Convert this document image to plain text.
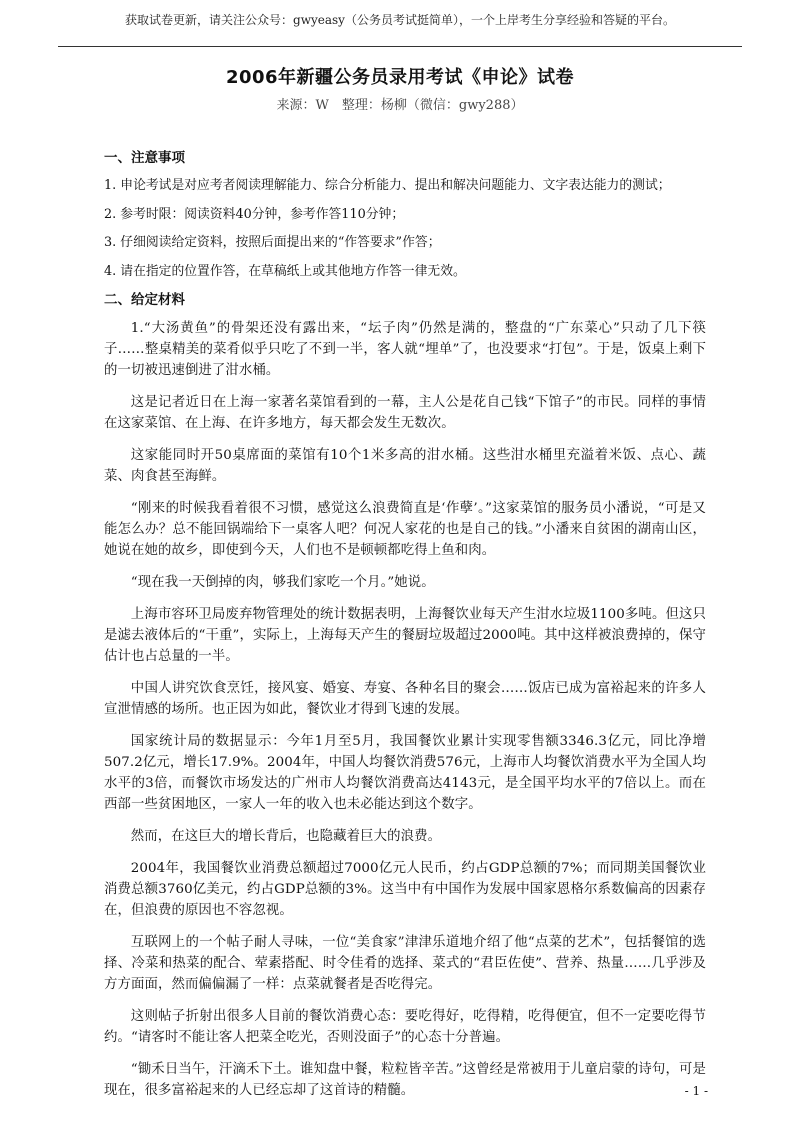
获取试卷更新，请关注公众号：gwyeasy（公务员考试挺简单），一个上岸考生分享经验和答疑的平台。
2006年新疆公务员录用考试《申论》试卷
来源：W　整理：杨柳（微信：gwy288）
一、注意事项
1. 申论考试是对应考者阅读理解能力、综合分析能力、提出和解决问题能力、文字表达能力的测试；
2. 参考时限：阅读资料40分钟，参考作答110分钟；
3. 仔细阅读给定资料，按照后面提出来的“作答要求”作答；
4. 请在指定的位置作答，在草稿纸上或其他地方作答一律无效。
二、给定材料

1.“大汤黄鱼”的骨架还没有露出来，“坛子肉”仍然是满的，整盘的“广东菜心”只动了几下筷子……整桌精美的菜肴似乎只吃了不到一半，客人就“埋单”了，也没要求“打包”。于是，饭桌上剩下的一切被迅速倒进了泔水桶。

这是记者近日在上海一家著名菜馆看到的一幕，主人公是花自己钱“下馆子”的市民。同样的事情在这家菜馆、在上海、在许多地方，每天都会发生无数次。

这家能同时开50桌席面的菜馆有10个1米多高的泔水桶。这些泔水桶里充溢着米饭、点心、蔬菜、肉食甚至海鲜。

“刚来的时候我看着很不习惯，感觉这么浪费简直是‘作孽’。”这家菜馆的服务员小潘说，“可是又能怎么办？总不能回锅端给下一桌客人吧？何况人家花的也是自己的钱。”小潘来自贫困的湖南山区，她说在她的故乡，即使到今天，人们也不是顿顿都吃得上鱼和肉。

“现在我一天倒掉的肉，够我们家吃一个月。”她说。

上海市容环卫局废弃物管理处的统计数据表明，上海餐饮业每天产生泔水垃圾1100多吨。但这只是滤去液体后的“干重”，实际上，上海每天产生的餐厨垃圾超过2000吨。其中这样被浪费掉的，保守估计也占总量的一半。

中国人讲究饮食烹饪，接风宴、婚宴、寿宴、各种名目的聚会……饭店已成为富裕起来的许多人宣泄情感的场所。也正因为如此，餐饮业才得到飞速的发展。

国家统计局的数据显示：今年1月至5月，我国餐饮业累计实现零售额3346.3亿元，同比净增507.2亿元，增长17.9%。2004年，中国人均餐饮消费576元，上海市人均餐饮消费水平为全国人均水平的3倍，而餐饮市场发达的广州市人均餐饮消费高达4143元，是全国平均水平的7倍以上。而在西部一些贫困地区，一家人一年的收入也未必能达到这个数字。

然而，在这巨大的增长背后，也隐藏着巨大的浪费。

2004年，我国餐饮业消费总额超过7000亿元人民币，约占GDP总额的7%；而同期美国餐饮业消费总额3760亿美元，约占GDP总额的3%。这当中有中国作为发展中国家恩格尔系数偏高的因素存在，但浪费的原因也不容忽视。

互联网上的一个帖子耐人寻味，一位“美食家”津津乐道地介绍了他“点菜的艺术”，包括餐馆的选择、冷菜和热菜的配合、荤素搭配、时令佳肴的选择、菜式的“君臣佐使”、营养、热量……几乎涉及方方面面，然而偏偏漏了一样：点菜就餐者是否吃得完。

这则帖子折射出很多人目前的餐饮消费心态：要吃得好，吃得精，吃得便宜，但不一定要吃得节约。“请客时不能让客人把菜全吃光，否则没面子”的心态十分普遍。

“锄禾日当午，汗滴禾下土。谁知盘中餐，粒粒皆辛苦。”这曾经是常被用于儿童启蒙的诗句，可是现在，很多富裕起来的人已经忘却了这首诗的精髓。	- 1 -
